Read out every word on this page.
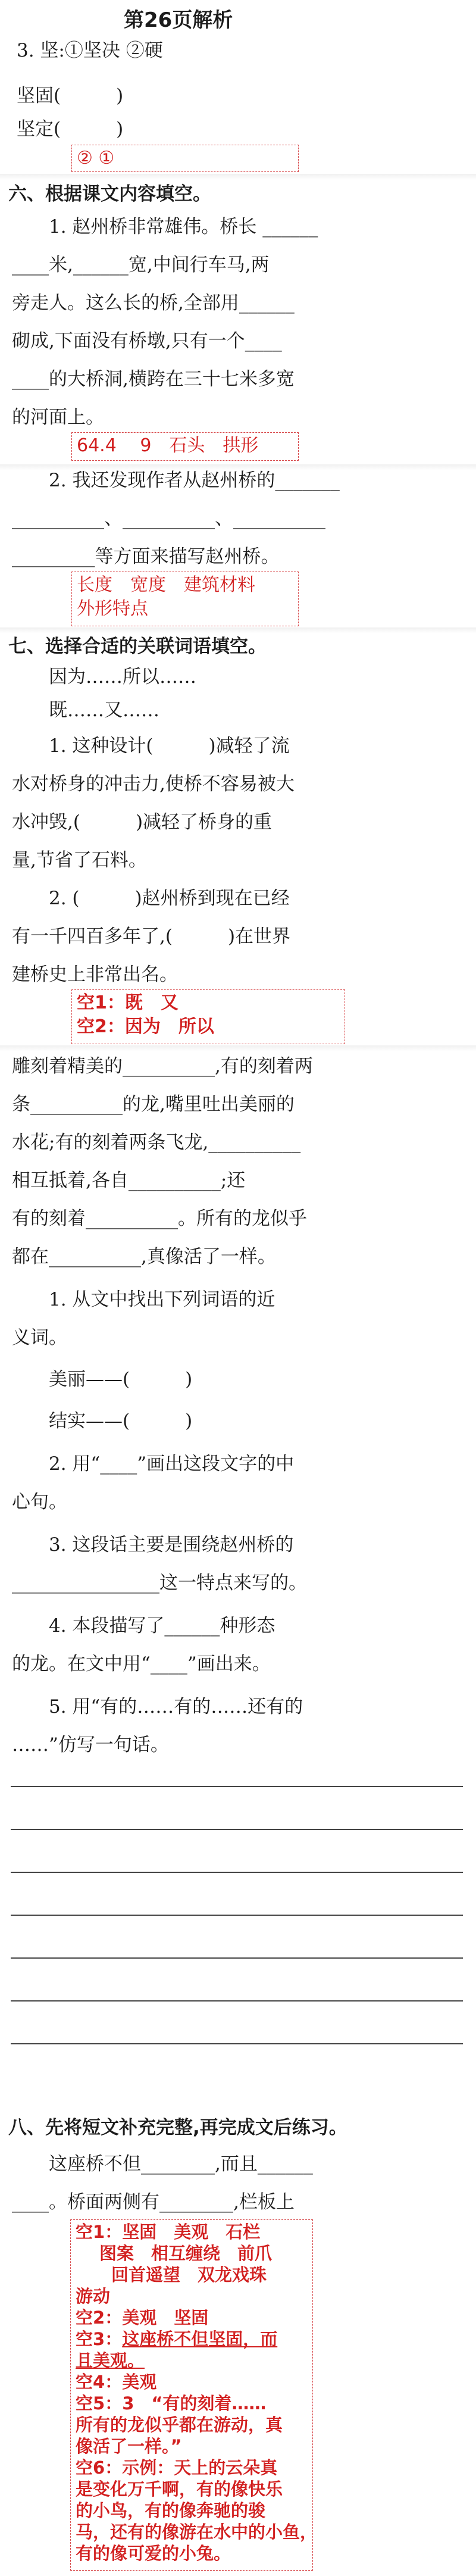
第26页解析
3. 坚:①坚决 ②硬
坚固(　　　)
坚定(　　　)
② ①
六、根据课文内容填空。
1. 赵州桥非常雄伟。桥长 ______
____米,______宽,中间行车马,两
旁走人。这么长的桥,全部用______
砌成,下面没有桥墩,只有一个____
____的大桥洞,横跨在三十七米多宽
的河面上。
64.4　 9　石头　拱形
2. 我还发现作者从赵州桥的_______
__________、__________、__________
_________等方面来描写赵州桥。
长度　宽度　建筑材料
外形特点
七、选择合适的关联词语填空。
因为……所以……
既……又……
1. 这种设计(　　　)减轻了流
水对桥身的冲击力,使桥不容易被大
水冲毁,(　　　)减轻了桥身的重
量,节省了石料。
2. (　　　)赵州桥到现在已经
有一千四百多年了,(　　　)在世界
建桥史上非常出名。
空1：既　又
空2：因为　所以
雕刻着精美的__________,有的刻着两
条__________的龙,嘴里吐出美丽的
水花;有的刻着两条飞龙,__________
相互抵着,各自__________;还
有的刻着__________。所有的龙似乎
都在__________,真像活了一样。
1. 从文中找出下列词语的近
义词。
美丽——(　　　)
结实——(　　　)
2. 用“____”画出这段文字的中
心句。
3. 这段话主要是围绕赵州桥的
________________这一特点来写的。
4. 本段描写了______种形态
的龙。在文中用“____”画出来。
5. 用“有的……有的……还有的
……”仿写一句话。
八、先将短文补充完整,再完成文后练习。
这座桥不但________,而且______
____。桥面两侧有________,栏板上
空1：坚固　美观　石栏
图案　相互缠绕　前爪
回首遥望　双龙戏珠
游动
空2：美观　坚固
空3：这座桥不但坚固，而
且美观。
空4：美观
空5：3　“有的刻着……
所有的龙似乎都在游动，真
像活了一样。”
空6：示例：天上的云朵真
是变化万千啊，有的像快乐
的小鸟，有的像奔驰的骏
马，还有的像游在水中的小鱼，
有的像可爱的小兔。
